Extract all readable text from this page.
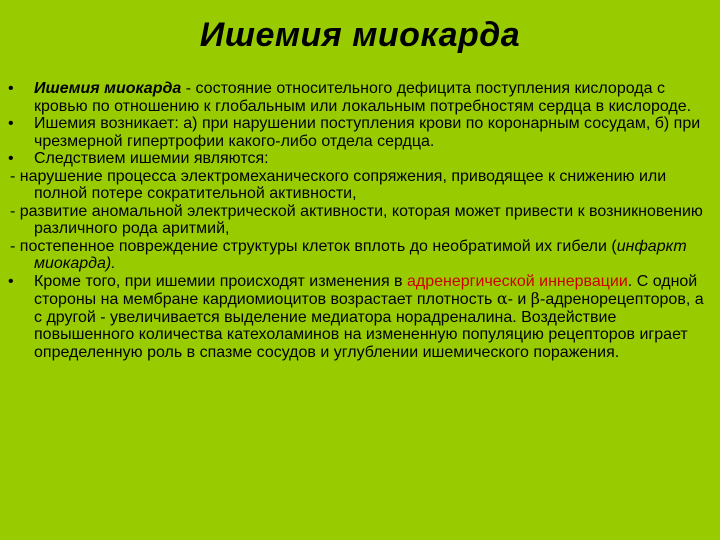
Ишемия миокарда
• Ишемия миокарда - состояние относительного дефицита поступления кислорода с кровью по отношению к глобальным или локальным потребностям сердца в кислороде.
• Ишемия возникает: а) при нарушении поступления крови по коронарным сосудам, б) при чрезмерной гипертрофии какого-либо отдела сердца.
• Следствием ишемии являются:
- нарушение процесса электромеханического сопряжения, приводящее к снижению или полной потере сократительной активности,
- развитие аномальной электрической активности, которая может привести к возникновению различного рода аритмий,
- постепенное повреждение структуры клеток вплоть до необратимой их гибели (инфаркт миокарда).
• Кроме того, при ишемии происходят изменения в адренергической иннервации. С одной стороны на мембране кардиомиоцитов возрастает плотность α- и β-адренорецепторов, а с другой - увеличивается выделение медиатора норадреналина. Воздействие повышенного количества катехоламинов на измененную популяцию рецепторов играет определенную роль в спазме сосудов и углублении ишемического поражения.
